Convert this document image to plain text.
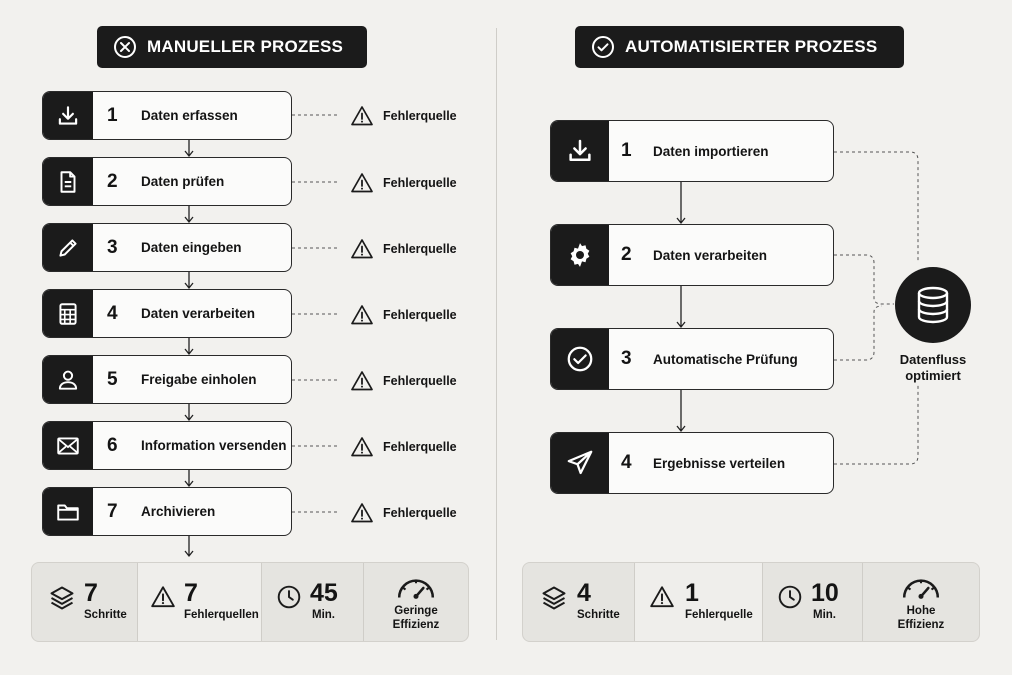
MANUELLER PROZESS
1	Daten erfassen
2	Daten prüfen
3	Daten eingeben
4	Daten verarbeiten
5	Freigabe einholen
6	Information versenden
7	Archivieren
Fehlerquelle
Fehlerquelle
Fehlerquelle
Fehlerquelle
Fehlerquelle
Fehlerquelle
Fehlerquelle
7
Schritte
7
Fehlerquellen
45
Min.	Geringe
Effizienz
AUTOMATISIERTER PROZESS
1	Daten importieren
2	Daten verarbeiten
3	Automatische Prüfung
4	Ergebnisse verteilen
Datenfluss
optimiert
4
Schritte
1
Fehlerquelle
10
Min.	Hohe
Effizienz
